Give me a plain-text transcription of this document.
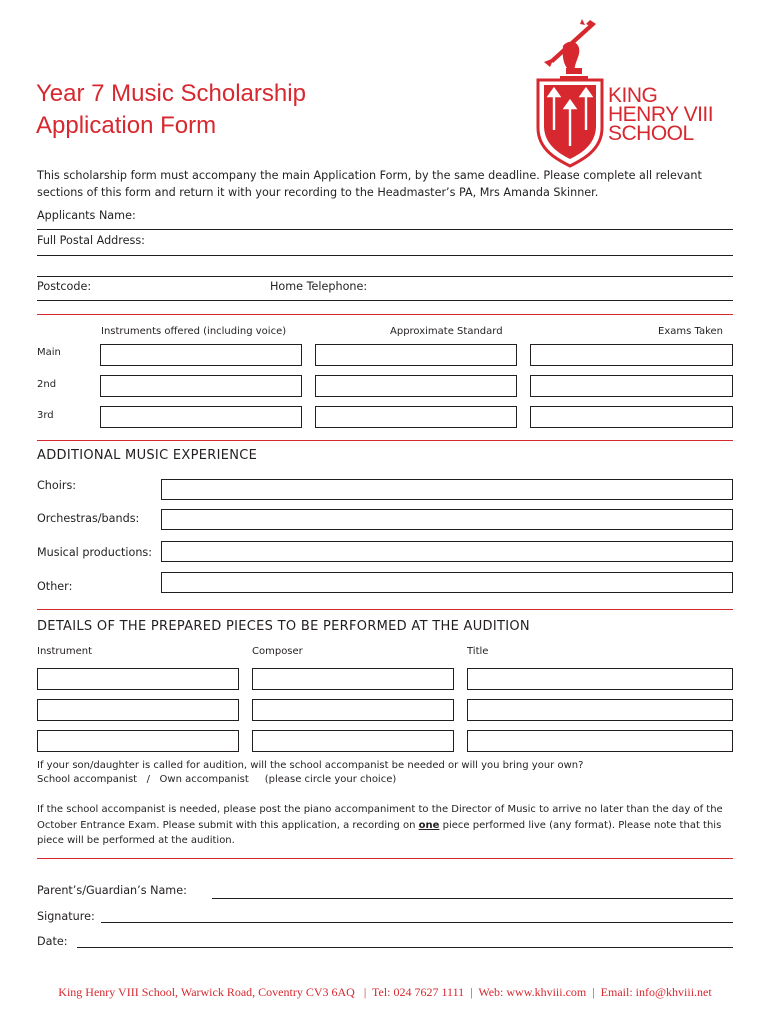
Year 7 Music Scholarship
Application Form
KING
HENRY VIII
SCHOOL
This scholarship form must accompany the main Application Form, by the same deadline. Please complete all relevant sections of this form and return it with your recording to the Headmaster’s PA, Mrs Amanda Skinner.
Applicants Name:
Full Postal Address:
Postcode:	Home Telephone:
Instruments offered (including voice)	Approximate Standard	Exams Taken
Main
2nd
3rd
ADDITIONAL MUSIC EXPERIENCE
Choirs:
Orchestras/bands:
Musical productions:
Other:
DETAILS OF THE PREPARED PIECES TO BE PERFORMED AT THE AUDITION
Instrument	Composer	Title
If your son/daughter is called for audition, will the school accompanist be needed or will you bring your own?
School accompanist   /   Own accompanist     (please circle your choice)
If the school accompanist is needed, please post the piano accompaniment to the Director of Music to arrive no later than the day of the October Entrance Exam. Please submit with this application, a recording on one piece performed live (any format). Please note that this piece will be performed at the audition.
Parent’s/Guardian’s Name:
Signature:
Date:
King Henry VIII School, Warwick Road, Coventry CV3 6AQ   |  Tel: 024 7627 1111  |  Web: www.khviii.com  |  Email: info@khviii.net
